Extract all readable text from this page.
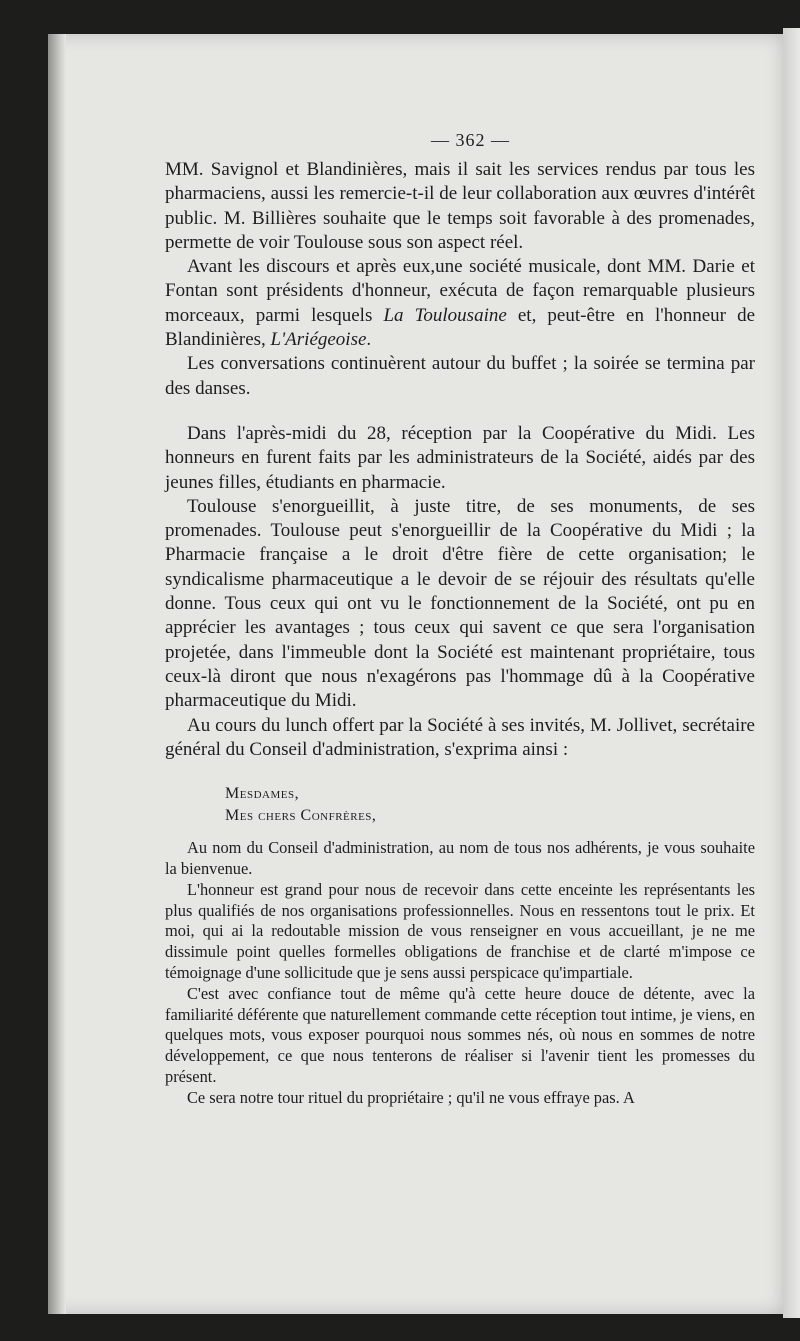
— 362 —

MM. Savignol et Blandinières, mais il sait les services rendus par tous les pharmaciens, aussi les remercie-t-il de leur collaboration aux œuvres d'intérêt public. M. Billières souhaite que le temps soit favorable à des promenades, permette de voir Toulouse sous son aspect réel.

Avant les discours et après eux,une société musicale, dont MM. Darie et Fontan sont présidents d'honneur, exécuta de façon remarquable plusieurs morceaux, parmi lesquels La Toulousaine et, peut-être en l'honneur de Blandinières, L'Ariégeoise.

Les conversations continuèrent autour du buffet ; la soirée se termina par des danses.

Dans l'après-midi du 28, réception par la Coopérative du Midi. Les honneurs en furent faits par les administrateurs de la Société, aidés par des jeunes filles, étudiants en pharmacie.

Toulouse s'enorgueillit, à juste titre, de ses monuments, de ses promenades. Toulouse peut s'enorgueillir de la Coopérative du Midi ; la Pharmacie française a le droit d'être fière de cette organisation; le syndicalisme pharmaceutique a le devoir de se réjouir des résultats qu'elle donne. Tous ceux qui ont vu le fonctionnement de la Société, ont pu en apprécier les avantages ; tous ceux qui savent ce que sera l'organisation projetée, dans l'immeuble dont la Société est maintenant propriétaire, tous ceux-là diront que nous n'exagérons pas l'hommage dû à la Coopérative pharmaceutique du Midi.

Au cours du lunch offert par la Société à ses invités, M. Jollivet, secrétaire général du Conseil d'administration, s'exprima ainsi :

Mesdames,
Mes chers Confrères,

Au nom du Conseil d'administration, au nom de tous nos adhérents, je vous souhaite la bienvenue.

L'honneur est grand pour nous de recevoir dans cette enceinte les représentants les plus qualifiés de nos organisations professionnelles. Nous en ressentons tout le prix. Et moi, qui ai la redoutable mission de vous renseigner en vous accueillant, je ne me dissimule point quelles formelles obligations de franchise et de clarté m'impose ce témoignage d'une sollicitude que je sens aussi perspicace qu'impartiale.

C'est avec confiance tout de même qu'à cette heure douce de détente, avec la familiarité déférente que naturellement commande cette réception tout intime, je viens, en quelques mots, vous exposer pourquoi nous sommes nés, où nous en sommes de notre développement, ce que nous tenterons de réaliser si l'avenir tient les promesses du présent.

Ce sera notre tour rituel du propriétaire ; qu'il ne vous effraye pas. A
